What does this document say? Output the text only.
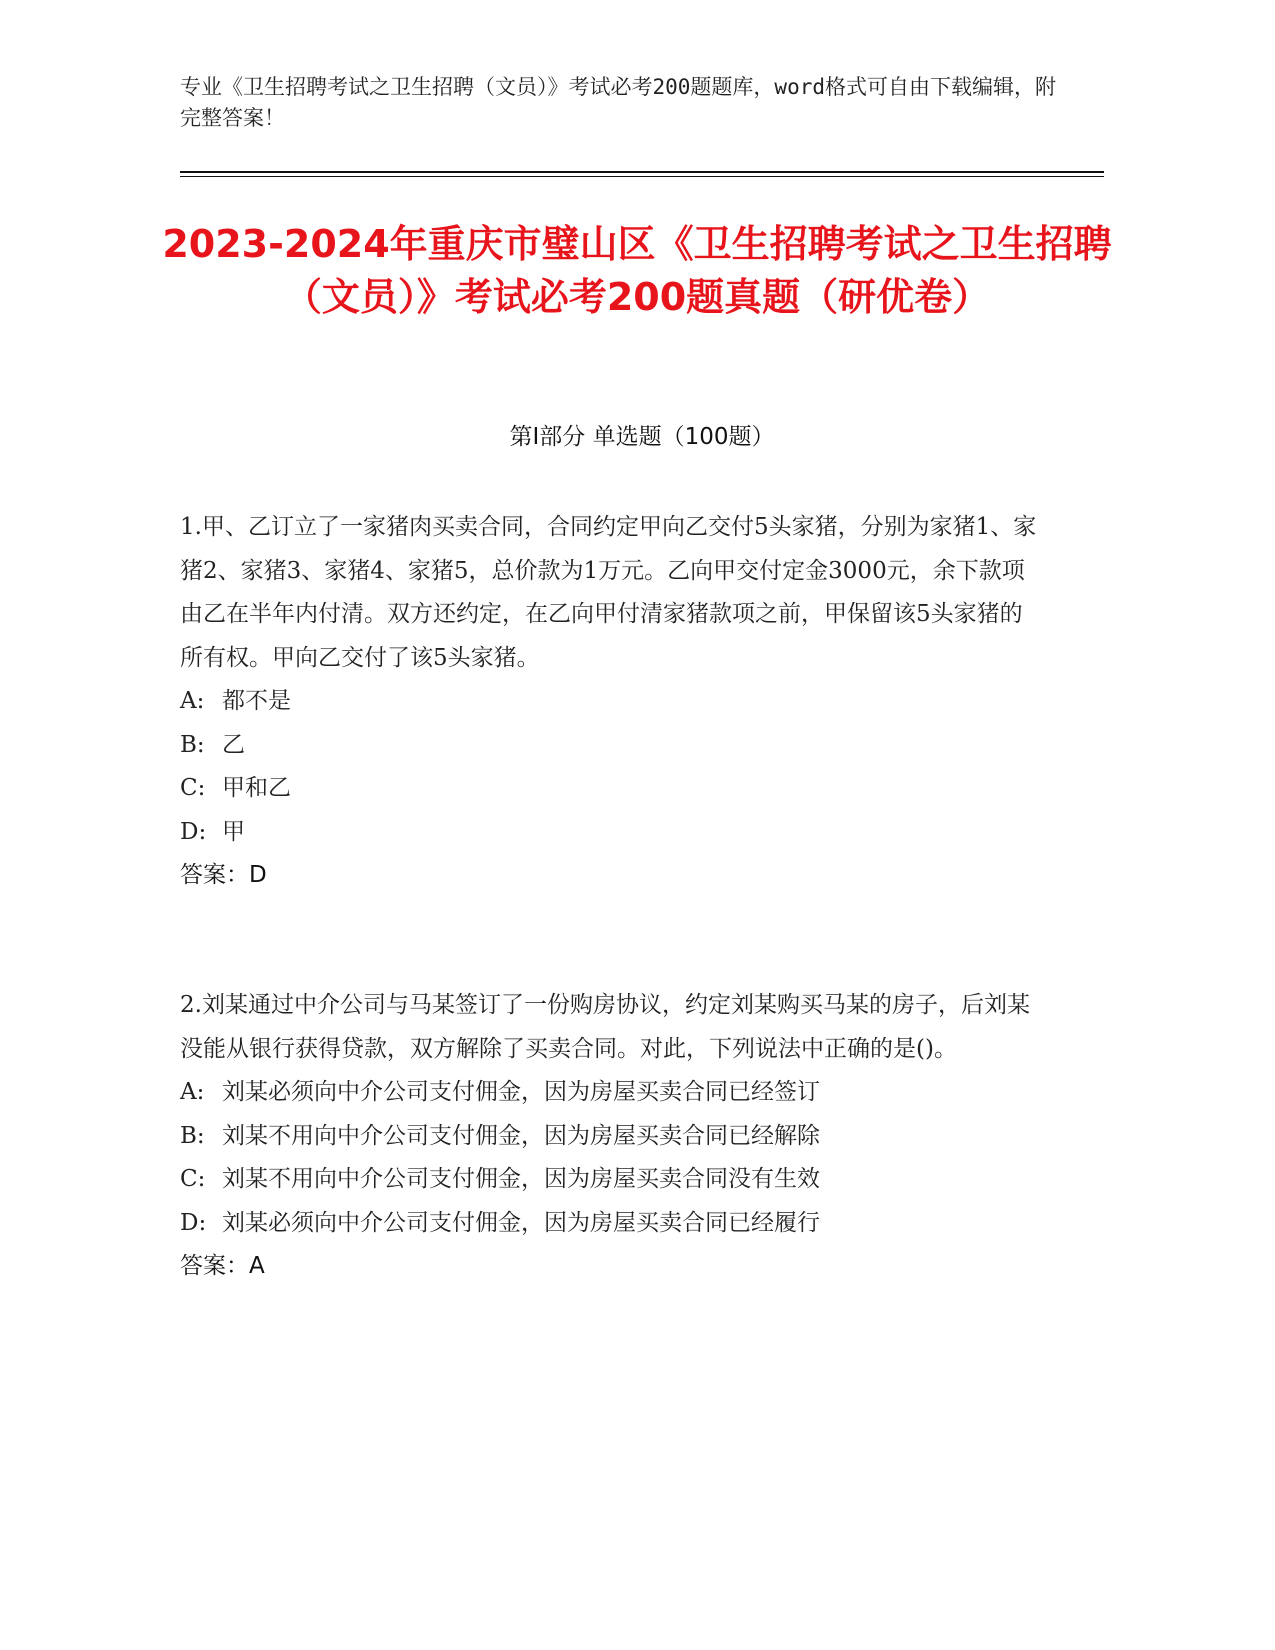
专业《卫生招聘考试之卫生招聘（文员）》考试必考200题题库，word格式可自由下载编辑，附完整答案！
2023-2024年重庆市璧山区《卫生招聘考试之卫生招聘（文员）》考试必考200题真题（研优卷）
第Ⅰ部分 单选题（100题）

1.甲、乙订立了一家猪肉买卖合同，合同约定甲向乙交付5头家猪，分别为家猪1、家猪2、家猪3、家猪4、家猪5，总价款为1万元。乙向甲交付定金3000元，余下款项由乙在半年内付清。双方还约定，在乙向甲付清家猪款项之前，甲保留该5头家猪的所有权。甲向乙交付了该5头家猪。

A: 都不是

B: 乙

C: 甲和乙

D: 甲

答案：D

2.刘某通过中介公司与马某签订了一份购房协议，约定刘某购买马某的房子，后刘某没能从银行获得贷款，双方解除了买卖合同。对此，下列说法中正确的是()。

A: 刘某必须向中介公司支付佣金，因为房屋买卖合同已经签订

B: 刘某不用向中介公司支付佣金，因为房屋买卖合同已经解除

C: 刘某不用向中介公司支付佣金，因为房屋买卖合同没有生效

D: 刘某必须向中介公司支付佣金，因为房屋买卖合同已经履行

答案：A
